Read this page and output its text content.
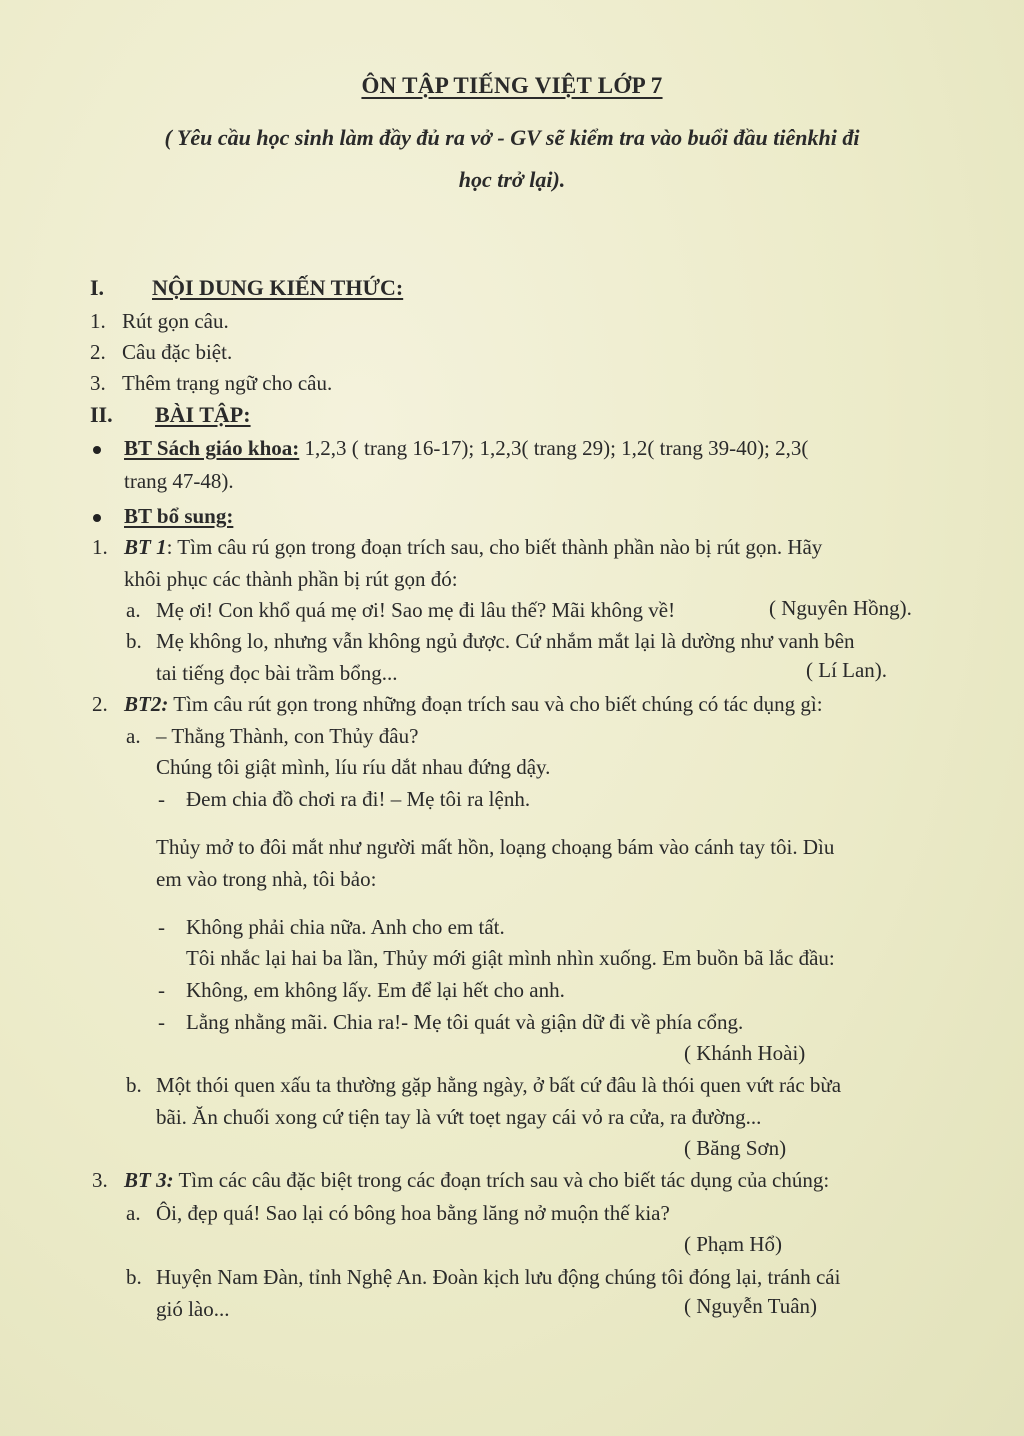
ÔN TẬP TIẾNG VIỆT LỚP 7
( Yêu cầu học sinh làm đầy đủ ra vở - GV sẽ kiểm tra vào buổi đầu tiênkhi đi
học trở lại).
I. NỘI DUNG KIẾN THỨC:
1. Rút gọn câu.
2. Câu đặc biệt.
3. Thêm trạng ngữ cho câu.
II. BÀI TẬP:
BT Sách giáo khoa: 1,2,3 ( trang 16-17); 1,2,3( trang 29); 1,2( trang 39-40); 2,3(
trang 47-48).
BT bổ sung:
1. BT 1: Tìm câu rú gọn trong đoạn trích sau, cho biết thành phần nào bị rút gọn. Hãy
khôi phục các thành phần bị rút gọn đó:
a. Mẹ ơi! Con khổ quá mẹ ơi! Sao mẹ đi lâu thế? Mãi không về!	( Nguyên Hồng).
b. Mẹ không lo, nhưng vẫn không ngủ được. Cứ nhắm mắt lại là dường như vanh bên
tai tiếng đọc bài trầm bổng...	( Lí Lan).
2. BT2: Tìm câu rút gọn trong những đoạn trích sau và cho biết chúng có tác dụng gì:
a. – Thằng Thành, con Thủy đâu?
Chúng tôi giật mình, líu ríu dắt nhau đứng dậy.
- Đem chia đồ chơi ra đi! – Mẹ tôi ra lệnh.
Thủy mở to đôi mắt như người mất hồn, loạng choạng bám vào cánh tay tôi. Dìu
em vào trong nhà, tôi bảo:
- Không phải chia nữa. Anh cho em tất.
Tôi nhắc lại hai ba lần, Thủy mới giật mình nhìn xuống. Em buồn bã lắc đầu:
- Không, em không lấy. Em để lại hết cho anh.
- Lằng nhằng mãi. Chia ra!- Mẹ tôi quát và giận dữ đi về phía cổng.
( Khánh Hoài)
b. Một thói quen xấu ta thường gặp hằng ngày, ở bất cứ đâu là thói quen vứt rác bừa
bãi. Ăn chuối xong cứ tiện tay là vứt toẹt ngay cái vỏ ra cửa, ra đường...
( Băng Sơn)
3. BT 3: Tìm các câu đặc biệt trong các đoạn trích sau và cho biết tác dụng của chúng:
a. Ôi, đẹp quá! Sao lại có bông hoa bằng lăng nở muộn thế kia?
( Phạm Hổ)
b. Huyện Nam Đàn, tỉnh Nghệ An. Đoàn kịch lưu động chúng tôi đóng lại, tránh cái
gió lào...	( Nguyễn Tuân)
